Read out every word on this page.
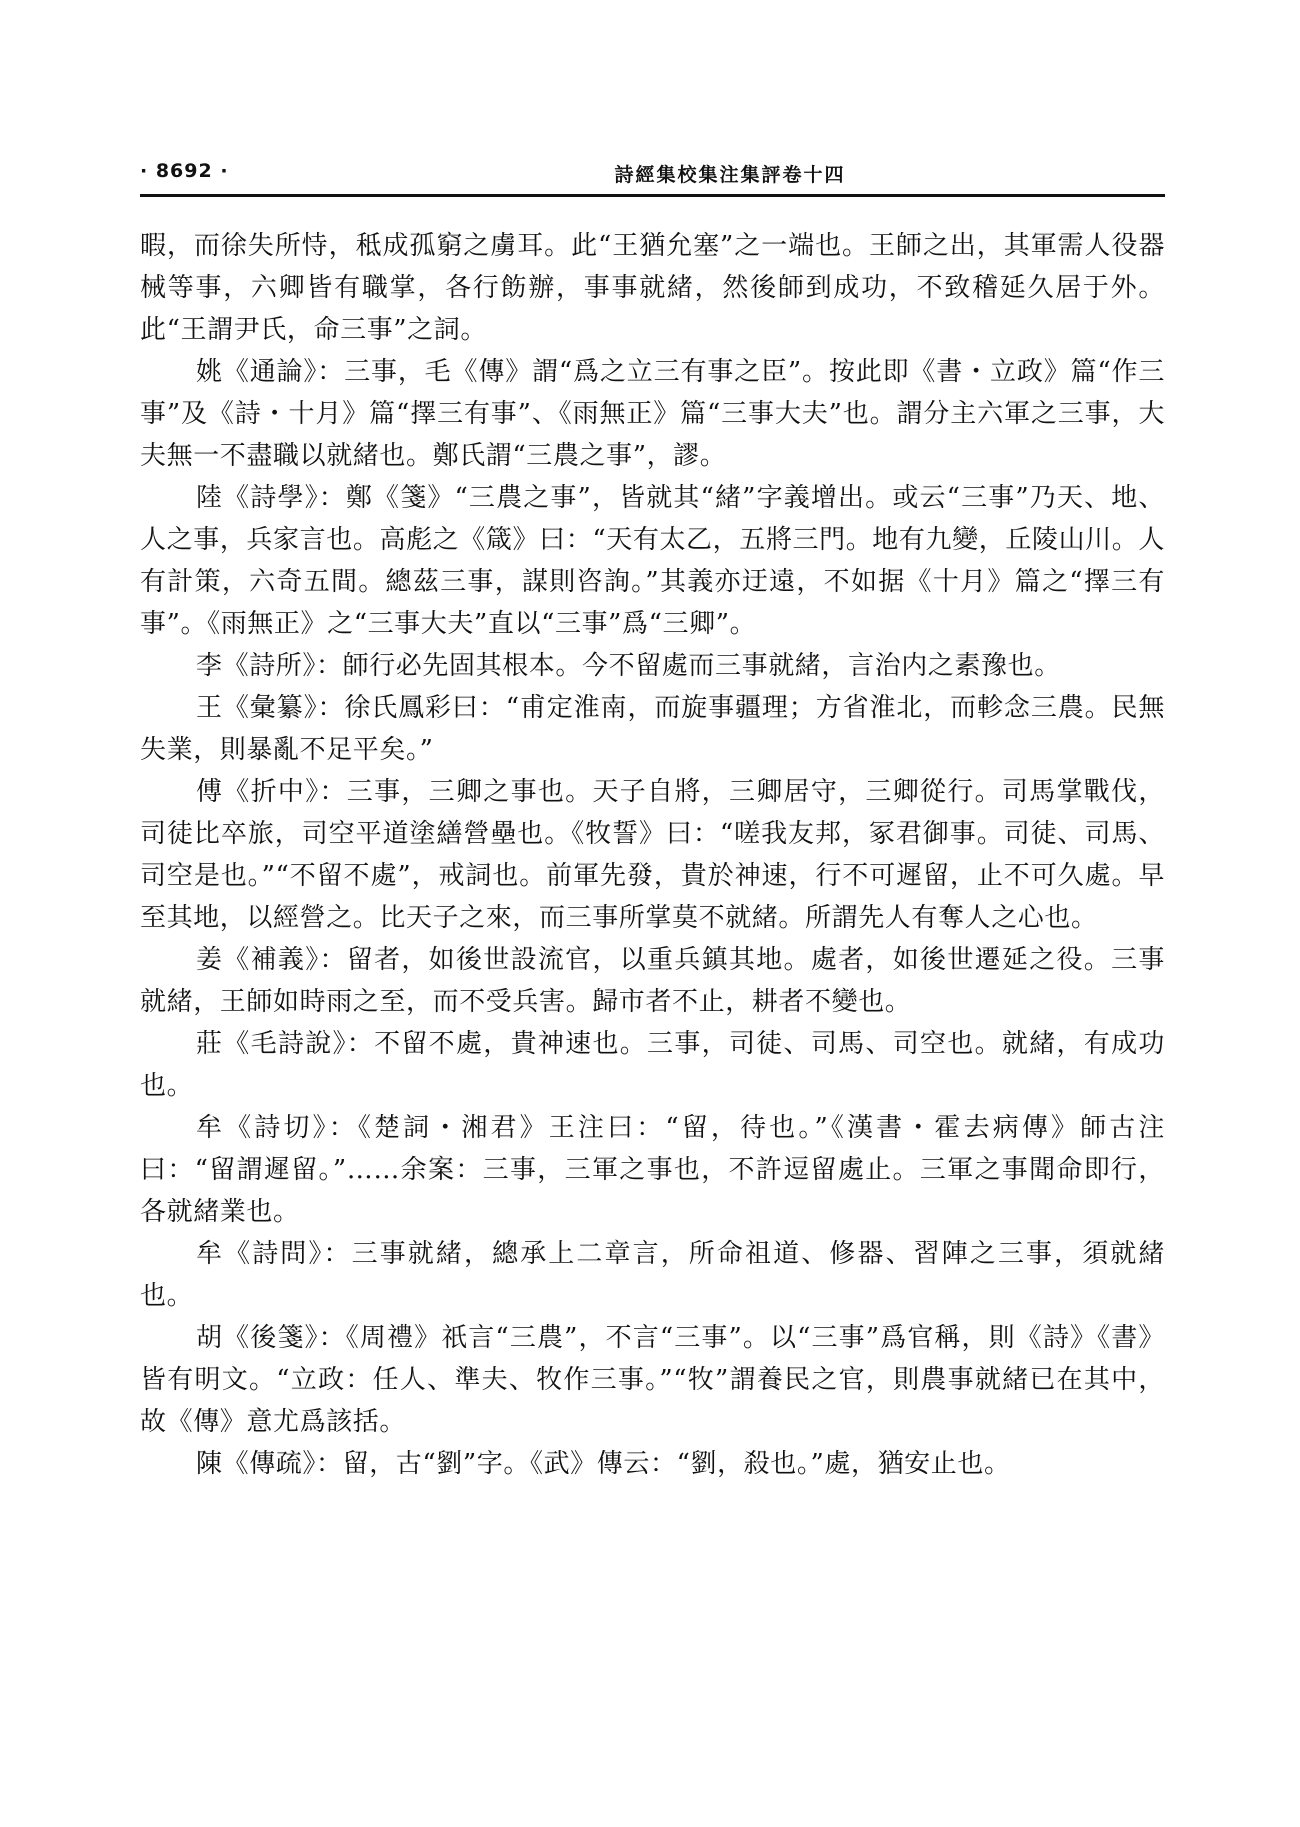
· 8692 ·	詩經集校集注集評卷十四

暇，而徐失所恃，秪成孤窮之虜耳。此“王猶允塞”之一端也。王師之出，其軍需人役器械等事，六卿皆有職掌，各行飭辦，事事就緒，然後師到成功，不致稽延久居于外。此“王謂尹氏，命三事”之詞。

姚《通論》：三事，毛《傳》謂“爲之立三有事之臣”。按此即《書・立政》篇“作三事”及《詩・十月》篇“擇三有事”、《雨無正》篇“三事大夫”也。謂分主六軍之三事，大夫無一不盡職以就緒也。鄭氏謂“三農之事”，謬。

陸《詩學》：鄭《箋》“三農之事”，皆就其“緒”字義增出。或云“三事”乃天、地、人之事，兵家言也。高彪之《箴》曰：“天有太乙，五將三門。地有九變，丘陵山川。人有計策，六奇五間。總茲三事，謀則咨詢。”其義亦迂遠，不如据《十月》篇之“擇三有事”。《雨無正》之“三事大夫”直以“三事”爲“三卿”。

李《詩所》：師行必先固其根本。今不留處而三事就緒，言治内之素豫也。

王《彙纂》：徐氏鳳彩曰：“甫定淮南，而旋事疆理；方省淮北，而軫念三農。民無失業，則暴亂不足平矣。”

傅《折中》：三事，三卿之事也。天子自將，三卿居守，三卿從行。司馬掌戰伐，司徒比卒旅，司空平道塗繕營壘也。《牧誓》曰：“嗟我友邦，冢君御事。司徒、司馬、司空是也。”“不留不處”，戒詞也。前軍先發，貴於神速，行不可遲留，止不可久處。早至其地，以經營之。比天子之來，而三事所掌莫不就緒。所謂先人有奪人之心也。

姜《補義》：留者，如後世設流官，以重兵鎮其地。處者，如後世遷延之役。三事就緒，王師如時雨之至，而不受兵害。歸市者不止，耕者不變也。

莊《毛詩說》：不留不處，貴神速也。三事，司徒、司馬、司空也。就緒，有成功也。

牟《詩切》：《楚詞・湘君》王注曰：“留，待也。”《漢書・霍去病傳》師古注曰：“留謂遲留。”……余案：三事，三軍之事也，不許逗留處止。三軍之事聞命即行，各就緒業也。

牟《詩問》：三事就緒，總承上二章言，所命祖道、修器、習陣之三事，須就緒也。

胡《後箋》：《周禮》祇言“三農”，不言“三事”。以“三事”爲官稱，則《詩》《書》皆有明文。“立政：任人、準夫、牧作三事。”“牧”謂養民之官，則農事就緒已在其中，故《傳》意尤爲該括。

陳《傳疏》：留，古“劉”字。《武》傳云：“劉，殺也。”處，猶安止也。
